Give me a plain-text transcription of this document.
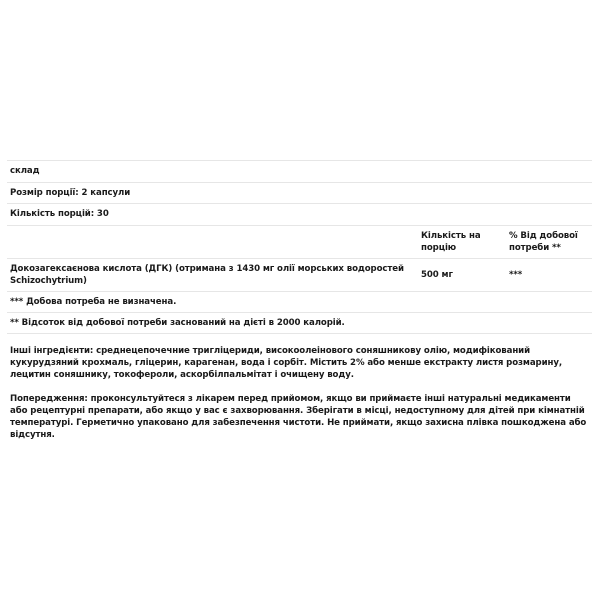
склад
Розмір порції: 2 капсули
Кількість порцій: 30
Кількість на порцію
% Від добової потреби **
Докозагексаєнова кислота (ДГК) (отримана з 1430 мг олії морських водоростей Schizochytrium)
500 мг	***
*** Добова потреба не визначена.
** Відсоток від добової потреби заснований на дієті в 2000 калорій.

Інші інгредієнти: среднецепочечние тригліцериди, високоолеінового соняшникову олію, модифікований кукурудзяний крохмаль, гліцерин, карагенан, вода і сорбіт. Містить 2% або менше екстракту листя розмарину, лецитин соняшнику, токофероли, аскорбілпальмітат і очищену воду.

Попередження: проконсультуйтеся з лікарем перед прийомом, якщо ви приймаєте інші натуральні медикаменти або рецептурні препарати, або якщо у вас є захворювання. Зберігати в місці, недоступному для дітей при кімнатній температурі. Герметично упаковано для забезпечення чистоти. Не приймати, якщо захисна плівка пошкоджена або відсутня.
